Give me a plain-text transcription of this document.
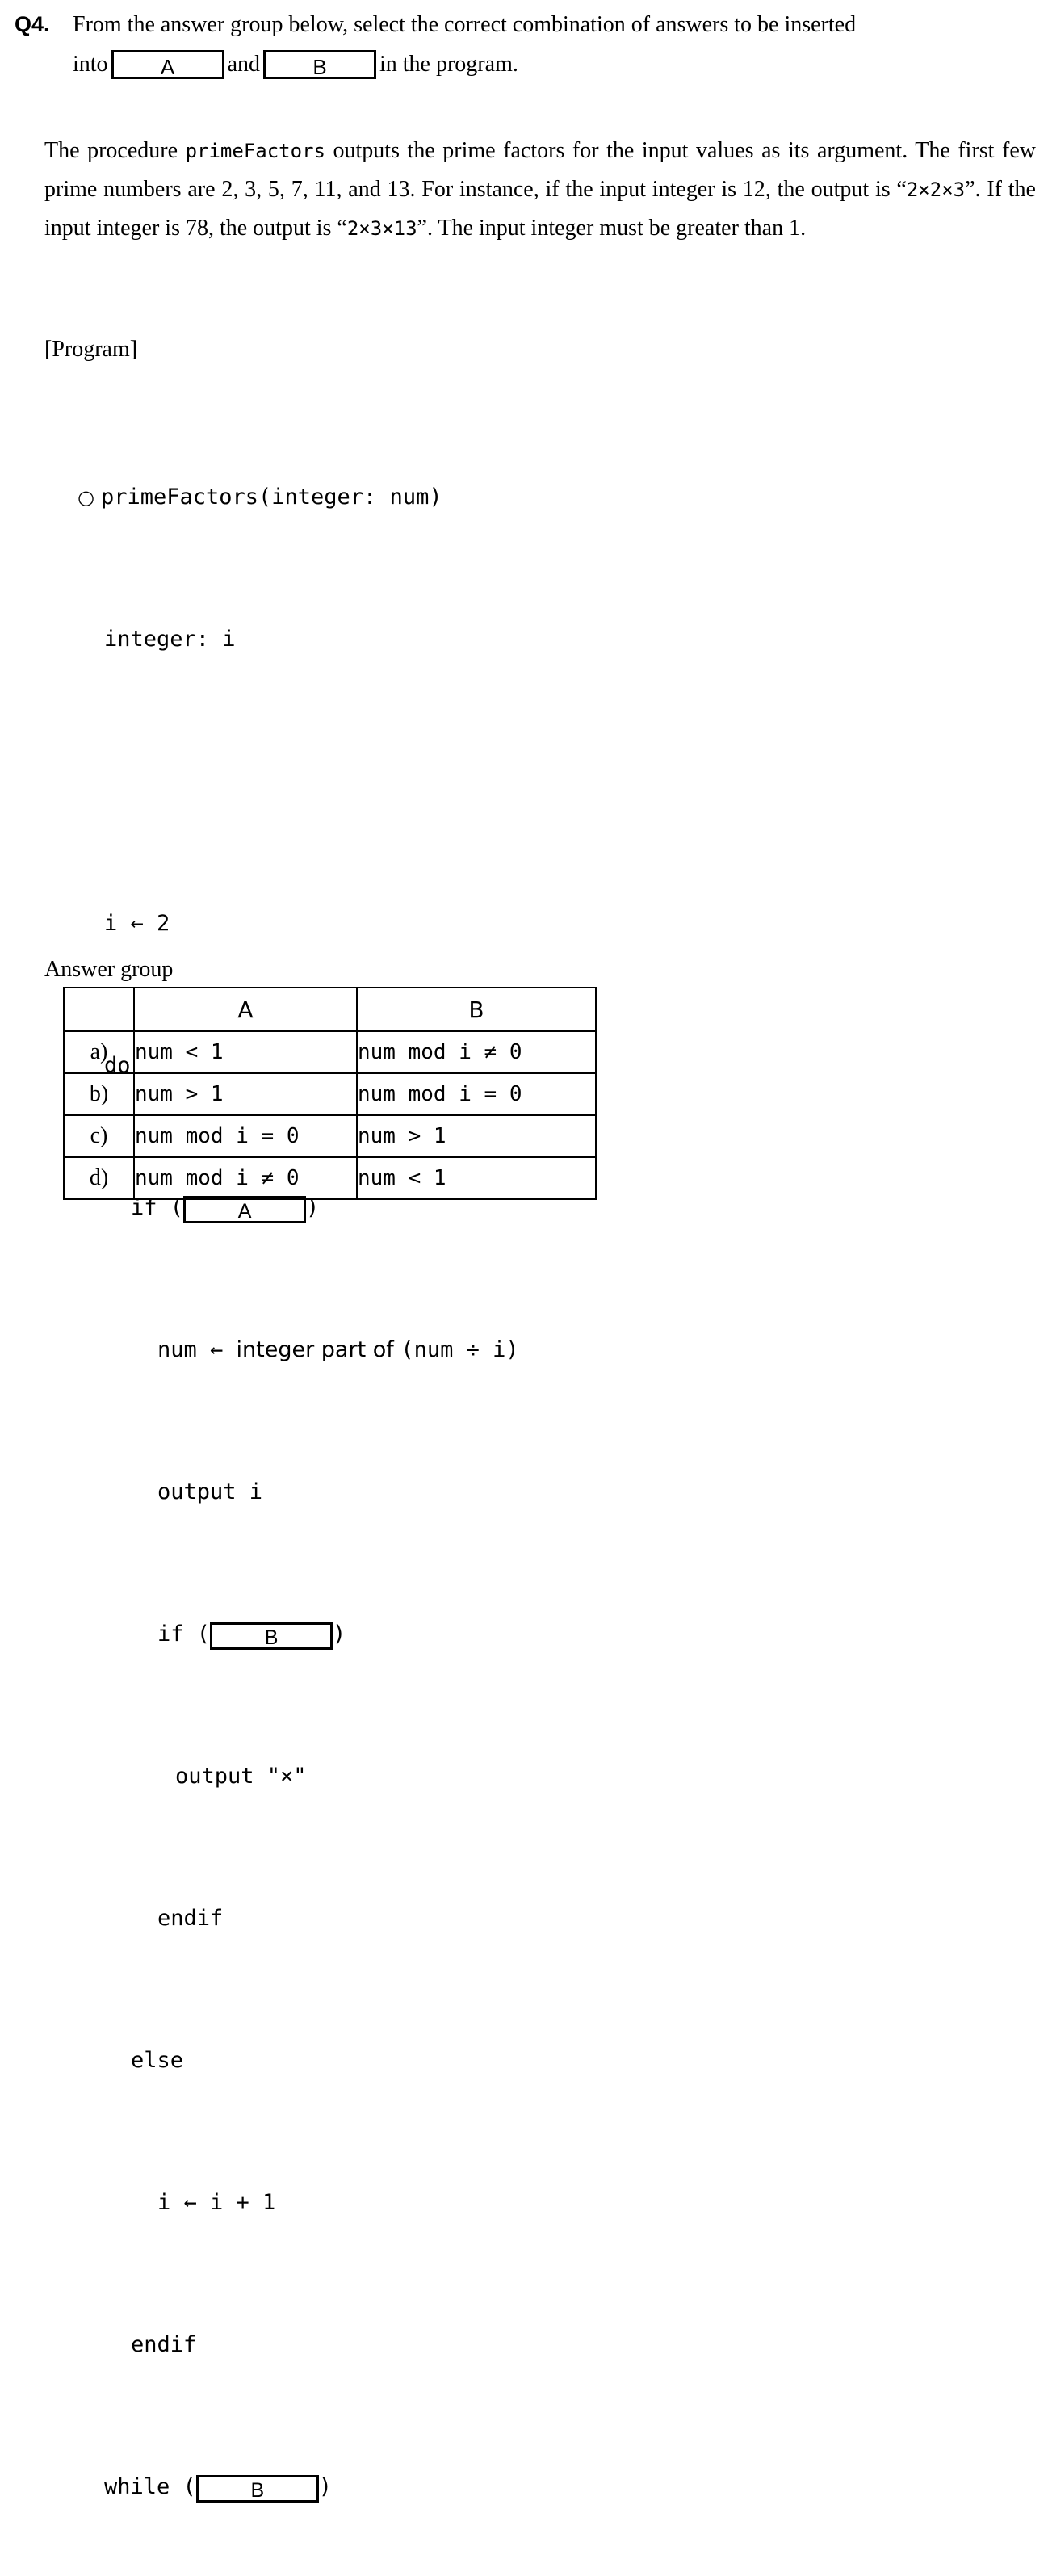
Q4.	From the answer group below, select the correct combination of answers to be inserted
into	A	and	B	in the program.
The procedure primeFactors outputs the prime factors for the input values as its argument. The first few prime numbers are 2, 3, 5, 7, 11, and 13. For instance, if the input integer is 12, the output is “2×2×3”. If the input integer is 78, the output is “2×3×13”. The input integer must be greater than 1.
[Program]

○ primeFactors(integer: num)

integer: i

i ← 2

do

if (	A	)

num ← integer part of (num ÷ i)

output i

if (	B	)

output "×"

endif

else

i ← i + 1

endif

while (	B	)

Answer group
	A	B
a)	num < 1	num mod i ≠ 0
b)	num > 1	num mod i = 0
c)	num mod i = 0	num > 1
d)	num mod i ≠ 0	num < 1
